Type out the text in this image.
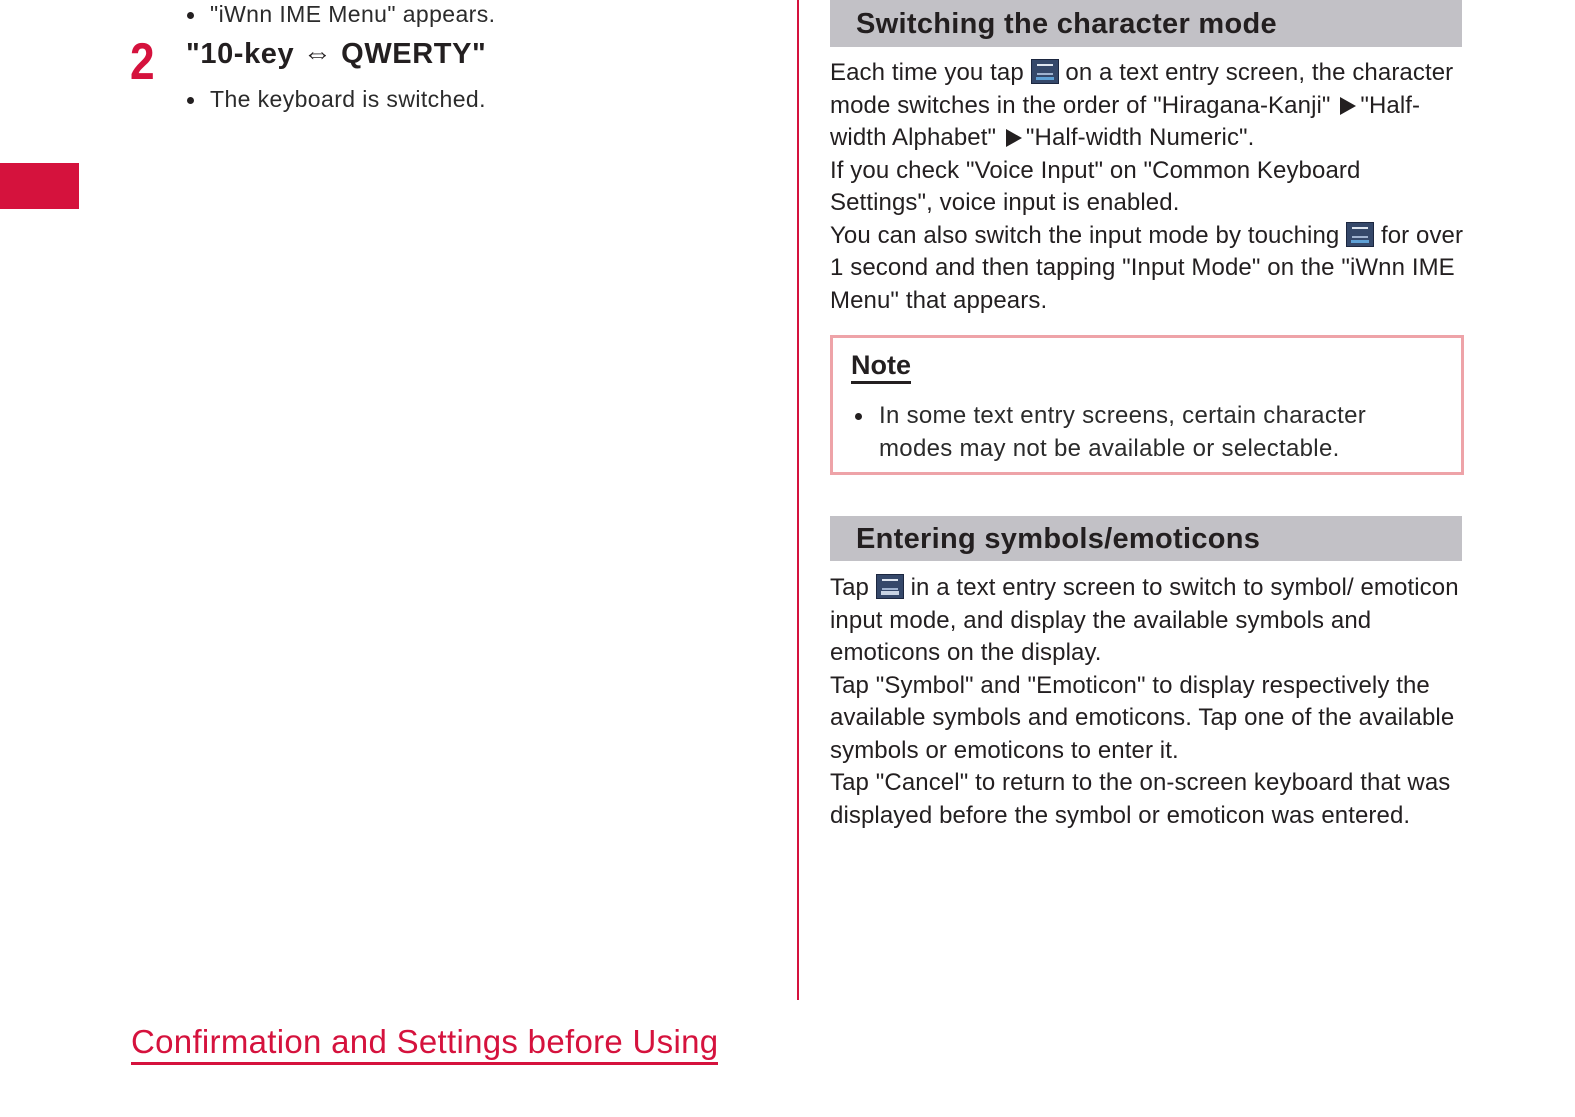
"iWnn IME Menu" appears.
2 "10-key ⇔ QWERTY"
The keyboard is switched.
Switching the character mode

Each time you tap on a text entry screen, the character mode switches in the order of "Hiragana-Kanji" "Half-width Alphabet" "Half-width Numeric".

If you check "Voice Input" on "Common Keyboard Settings", voice input is enabled.

You can also switch the input mode by touching for over 1 second and then tapping "Input Mode" on the "iWnn IME Menu" that appears.

Note
In some text entry screens, certain character modes may not be available or selectable.
Entering symbols/emoticons

Tap in a text entry screen to switch to symbol/ emoticon input mode, and display the available symbols and emoticons on the display.

Tap "Symbol" and "Emoticon" to display respectively the available symbols and emoticons. Tap one of the available symbols or emoticons to enter it.

Tap "Cancel" to return to the on-screen keyboard that was displayed before the symbol or emoticon was entered.

Confirmation and Settings before Using
